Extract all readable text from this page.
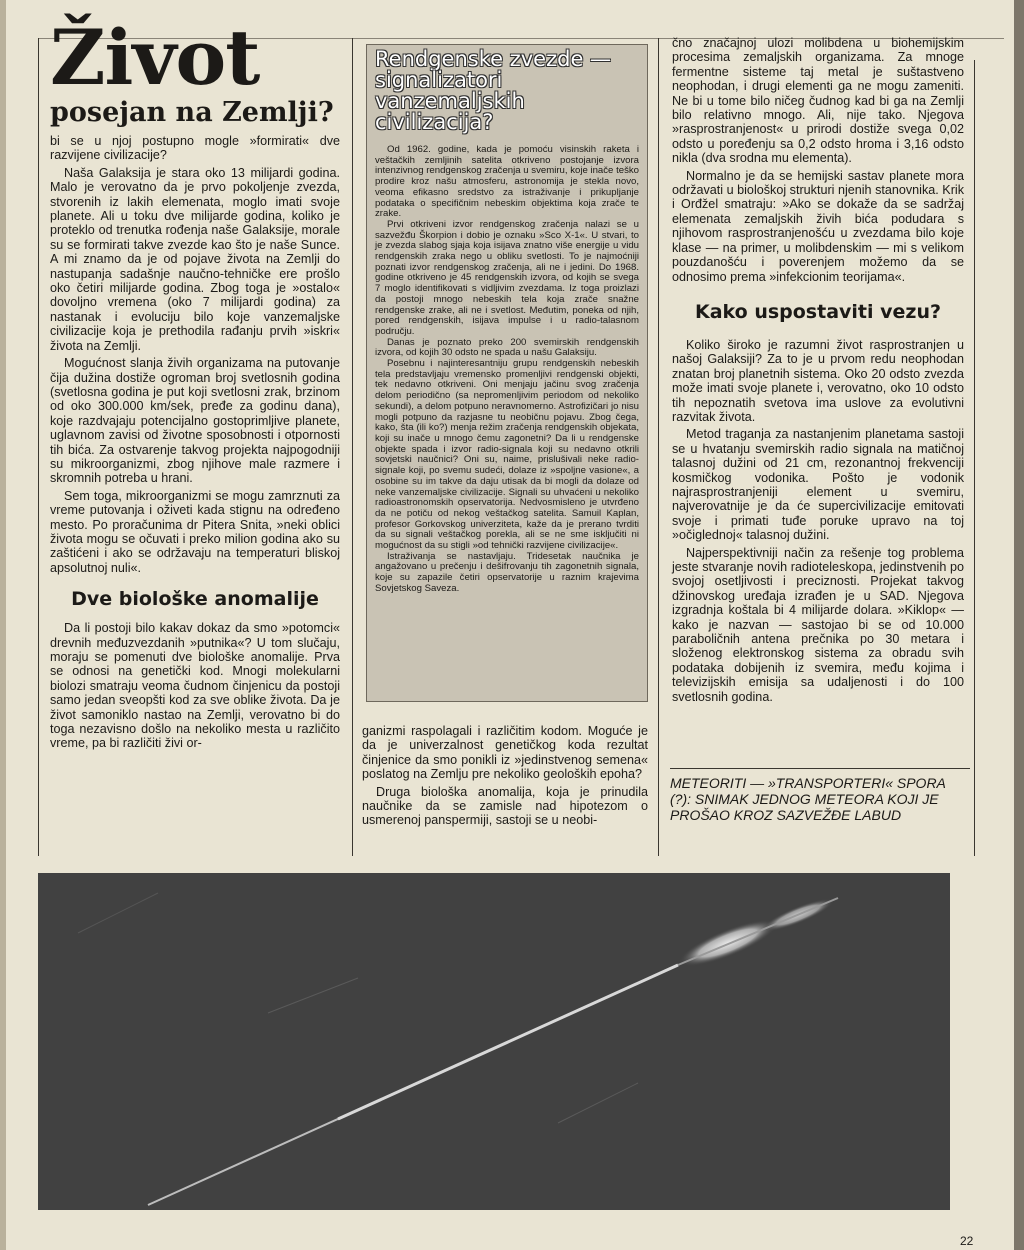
Život
posejan na Zemlji?

bi se u njoj postupno mogle »formirati« dve razvijene civilizacije?

Naša Galaksija je stara oko 13 milijardi godina. Malo je verovatno da je prvo pokoljenje zvezda, stvorenih iz lakih elemenata, moglo imati svoje planete. Ali u toku dve milijarde godina, koliko je proteklo od trenutka rođenja naše Galaksije, morale su se formirati takve zvezde kao što je naše Sunce. A mi znamo da je od pojave života na Zemlji do nastupanja sadašnje naučno-tehničke ere prošlo oko četiri milijarde godina. Zbog toga je »ostalo« dovoljno vremena (oko 7 milijardi godina) za nastanak i evoluciju bilo koje vanzemaljske civilizacije koja je prethodila rađanju prvih »iskri« života na Zemlji.

Mogućnost slanja živih organizama na putovanje čija dužina dostiže ogroman broj svetlosnih godina (svetlosna godina je put koji svetlosni zrak, brzinom od oko 300.000 km/sek, pređe za godinu dana), koje razdvajaju potencijalno gostoprimljive planete, uglavnom zavisi od životne sposobnosti i otpornosti tih bića. Za ostvarenje takvog projekta najpogodniji su mikroorganizmi, zbog njihove male razmere i skromnih potreba u hrani.

Sem toga, mikroorganizmi se mogu zamrznuti za vreme putovanja i oživeti kada stignu na određeno mesto. Po proračunima dr Pitera Snita, »neki oblici života mogu se očuvati i preko milion godina ako su zaštićeni i ako se održavaju na temperaturi bliskoj apsolutnoj nuli«.

Dve biološke anomalije

Da li postoji bilo kakav dokaz da smo »potomci« drevnih međuzvezdanih »putnika«? U tom slučaju, moraju se pomenuti dve biološke anomalije. Prva se odnosi na genetički kod. Mnogi molekularni biolozi smatraju veoma čudnom činjenicu da postoji samo jedan sveopšti kod za sve oblike života. Da je život samoniklo nastao na Zemlji, verovatno bi do toga nezavisno došlo na nekoliko mesta u različito vreme, pa bi različiti živi or-

Rendgenske zvezde — signalizatori vanzemaljskih civilizacija?

Od 1962. godine, kada je pomoću visinskih raketa i veštačkih zemljinih satelita otkriveno postojanje izvora intenzivnog rendgenskog zračenja u svemiru, koje inače teško prodire kroz našu atmosferu, astronomija je stekla novo, veoma efikasno sredstvo za istraživanje i prikupljanje podataka o specifičnim nebeskim objektima koja zrače te zrake.

Prvi otkriveni izvor rendgenskog zračenja nalazi se u sazvežđu Škorpion i dobio je oznaku »Sco X-1«. U stvari, to je zvezda slabog sjaja koja isijava znatno više energije u vidu rendgenskih zraka nego u obliku svetlosti. To je najmoćniji poznati izvor rendgenskog zračenja, ali ne i jedini. Do 1968. godine otkriveno je 45 rendgenskih izvora, od kojih se svega 7 moglo identifikovati s vidljivim zvezdama. Iz toga proizlazi da postoji mnogo nebeskih tela koja zrače snažne rendgenske zrake, ali ne i svetlost. Međutim, poneka od njih, pored rendgenskih, isijava impulse i u radio-talasnom području.

Danas je poznato preko 200 svemirskih rendgenskih izvora, od kojih 30 odsto ne spada u našu Galaksiju.

Posebnu i najinteresantniju grupu rendgenskih nebeskih tela predstavljaju vremensko promenljivi rendgenski objekti, tek nedavno otkriveni. Oni menjaju jačinu svog zračenja delom periodično (sa nepromenljivim periodom od nekoliko sekundi), a delom potpuno neravnomerno. Astrofizičari jo nisu mogli potpuno da razjasne tu neobičnu pojavu. Zbog čega, kako, šta (ili ko?) menja režim zračenja rendgenskih objekata, koji su inače u mnogo čemu zagonetni? Da li u rendgenske objekte spada i izvor radio-signala koji su nedavno otkrili sovjetski naučnici? Oni su, naime, prislušivali neke radio-signale koji, po svemu sudeći, dolaze iz »spoljne vasione«, a osobine su im takve da daju utisak da bi mogli da dolaze od neke vanzemaljske civilizacije. Signali su uhvaćeni u nekoliko radioastronomskih opservatorija. Nedvosmisleno je utvrđeno da ne potiču od nekog veštačkog satelita. Samuil Kaplan, profesor Gorkovskog univerziteta, kaže da je prerano tvrditi da su signali veštačkog porekla, ali se ne sme isključiti ni mogućnost da su stigli »od tehnički razvijene civilizacije«.

Istraživanja se nastavljaju. Tridesetak naučnika je angažovano u prečenju i dešifrovanju tih zagonetnih signala, koje su zapazile četiri opservatorije u raznim krajevima Sovjetskog Saveza.

ganizmi raspolagali i različitim kodom. Moguće je da je univerzalnost genetičkog koda rezultat činjenice da smo ponikli iz »jedinstvenog semena« poslatog na Zemlju pre nekoliko geoloških epoha?

Druga biološka anomalija, koja je prinudila naučnike da se zamisle nad hipotezom o usmerenoj panspermiji, sastoji se u neobi-

čno značajnoj ulozi molibdena u biohemijskim procesima zemaljskih organizama. Za mnoge fermentne sisteme taj metal je suštastveno neophodan, i drugi elementi ga ne mogu zameniti. Ne bi u tome bilo ničeg čudnog kad bi ga na Zemlji bilo relativno mnogo. Ali, nije tako. Njegova »rasprostranjenost« u prirodi dostiže svega 0,02 odsto u poređenju sa 0,2 odsto hroma i 3,16 odsto nikla (dva srodna mu elementa).

Normalno je da se hemijski sastav planete mora održavati u biološkoj strukturi njenih stanovnika. Krik i Orđžel smatraju: »Ako se dokaže da se sadržaj elemenata zemaljskih živih bića podudara s njihovom rasprostranjenošću u zvezdama bilo koje klase — na primer, u molibdenskim — mi s velikom pouzdanošću i poverenjem možemo da se odnosimo prema »infekcionim teorijama«.

Kako uspostaviti vezu?

Koliko široko je razumni život rasprostranjen u našoj Galaksiji? Za to je u prvom redu neophodan znatan broj planetnih sistema. Oko 20 odsto zvezda može imati svoje planete i, verovatno, oko 10 odsto tih nepoznatih svetova ima uslove za evolutivni razvitak života.

Metod traganja za nastanjenim planetama sastoji se u hvatanju svemirskih radio signala na matičnoj talasnoj dužini od 21 cm, rezonantnoj frekvenciji kosmičkog vodonika. Pošto je vodonik najrasprostranjeniji element u svemiru, najverovatnije je da će supercivilizacije emitovati svoje i primati tuđe poruke upravo na toj »očiglednoj« talasnoj dužini.

Najperspektivniji način za rešenje tog problema jeste stvaranje novih radioteleskopa, jedinstvenih po svojoj osetljivosti i preciznosti. Projekat takvog džinovskog uređaja izrađen je u SAD. Njegova izgradnja koštala bi 4 milijarde dolara. »Kiklop« — kako je nazvan — sastojao bi se od 10.000 paraboličnih antena prečnika po 30 metara i složenog elektronskog sistema za obradu svih podataka dobijenih iz svemira, među kojima i televizijskih emisija sa udaljenosti i do 100 svetlosnih godina.

METEORITI — »TRANSPORTERI« SPORA (?): SNIMAK JEDNOG METEORA KOJI JE PROŠAO KROZ SAZVEŽĐE LABUD
22
